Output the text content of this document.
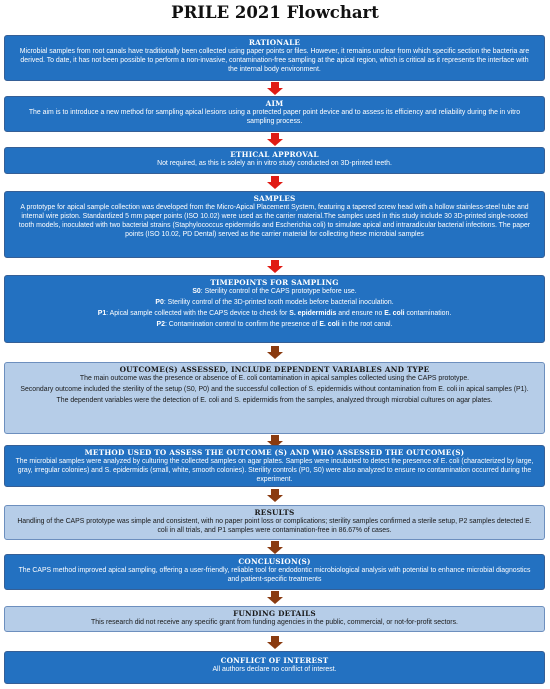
PRILE 2021 Flowchart
RATIONALE

Microbial samples from root canals have traditionally been collected using paper points or files. However, it remains unclear from which specific section the bacteria are derived. To date, it has not been possible to perform a non-invasive, contamination-free sampling at the apical region, which is critical as it represents the interface with the internal body environment.

AIM

The aim is to introduce a new method for sampling apical lesions using a protected paper point device and to assess its efficiency and reliability during the in vitro sampling process.

ETHICAL APPROVAL

Not required, as this is solely an in vitro study conducted on 3D-printed teeth.

SAMPLES

A prototype for apical sample collection was developed from the Micro-Apical Placement System, featuring a tapered screw head with a hollow stainless-steel tube and internal wire piston. Standardized 5 mm paper points (ISO 10.02) were used as the carrier material.The samples used in this study include 30 3D-printed single-rooted tooth models, inoculated with two bacterial strains (Staphylococcus epidermidis and Escherichia coli) to simulate apical and intraradicular bacterial infections. The paper points (ISO 10.02, PD Dental) served as the carrier material for collecting these microbial samples

TIMEPOINTS FOR SAMPLING

S0: Sterility control of the CAPS prototype before use.

P0: Sterility control of the 3D-printed tooth models before bacterial inoculation.

P1: Apical sample collected with the CAPS device to check for S. epidermidis and ensure no E. coli contamination.

P2: Contamination control to confirm the presence of E. coli in the root canal.

OUTCOME(S) ASSESSED, INCLUDE DEPENDENT VARIABLES AND TYPE

The main outcome was the presence or absence of E. coli contamination in apical samples collected using the CAPS prototype.

Secondary outcome included the sterility of the setup (S0, P0) and the successful collection of S. epidermidis without contamination from E. coli in apical samples (P1).

The dependent variables were the detection of E. coli and S. epidermidis from the samples, analyzed through microbial cultures on agar plates.

METHOD USED TO ASSESS THE OUTCOME (S) AND WHO ASSESSED THE OUTCOME(S)

The microbial samples were analyzed by culturing the collected samples on agar plates. Samples were incubated to detect the presence of E. coli (characterized by large, gray, irregular colonies) and S. epidermidis (small, white, smooth colonies). Sterility controls (P0, S0) were also analyzed to ensure no contamination occurred during the experiment.

RESULTS

Handling of the CAPS prototype was simple and consistent, with no paper point loss or complications; sterility samples confirmed a sterile setup, P2 samples detected E. coli in all trials, and P1 samples were contamination-free in 86.67% of cases.

CONCLUSION(S)

The CAPS method improved apical sampling, offering a user-friendly, reliable tool for endodontic microbiological analysis with potential to enhance microbial diagnostics and patient-specific treatments

FUNDING DETAILS

This research did not receive any specific grant from funding agencies in the public, commercial, or not-for-profit sectors.

CONFLICT OF INTEREST

All authors declare no conflict of interest.
